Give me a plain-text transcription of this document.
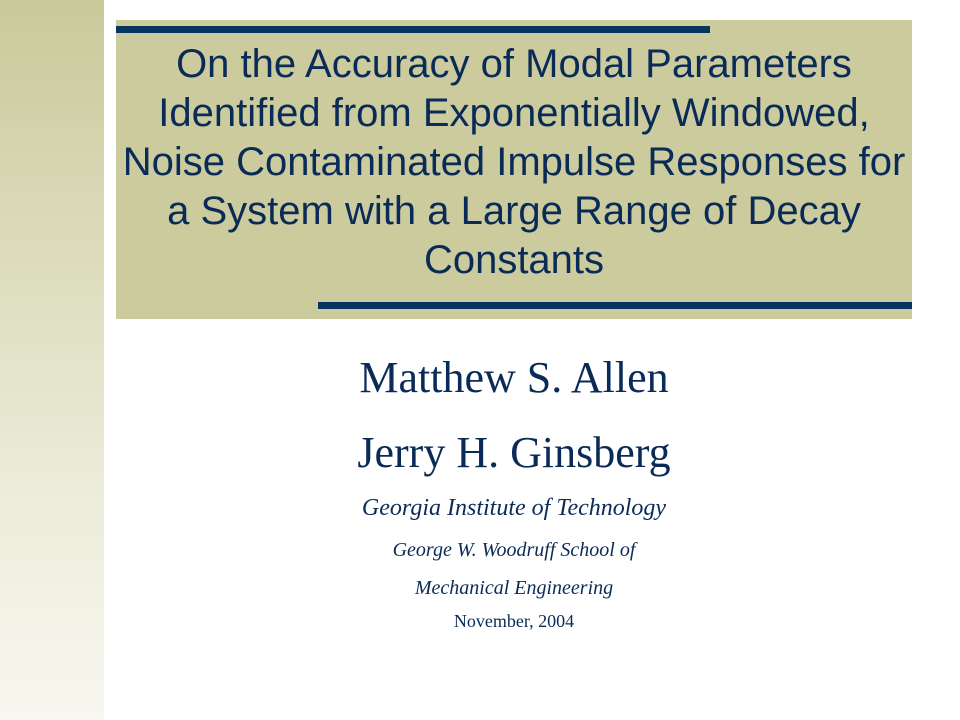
On the Accuracy of Modal Parameters Identified from Exponentially Windowed, Noise Contaminated Impulse Responses for a System with a Large Range of Decay Constants
Matthew S. Allen
Jerry H. Ginsberg
Georgia Institute of Technology
George W. Woodruff School of
Mechanical Engineering
November, 2004
